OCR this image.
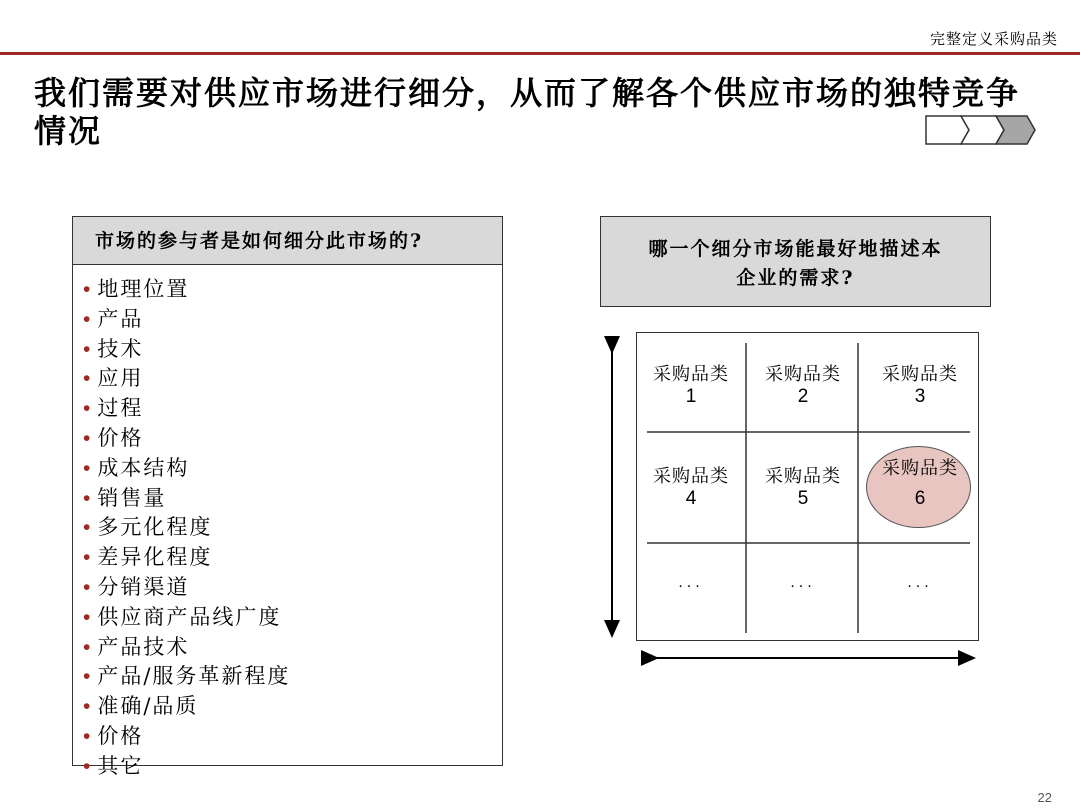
完整定义采购品类
我们需要对供应市场进行细分，从而了解各个供应市场的独特竞争情况
市场的参与者是如何细分此市场的?
• 地理位置
• 产品
• 技术
• 应用
• 过程
• 价格
• 成本结构
• 销售量
• 多元化程度
• 差异化程度
• 分销渠道
• 供应商产品线广度
• 产品技术
• 产品/服务革新程度
• 准确/品质
• 价格
• 其它
哪一个细分市场能最好地描述本
企业的需求?
采购品类
1
采购品类
2
采购品类
3
采购品类
4
采购品类
5
采购品类
6
...	...	...
22
